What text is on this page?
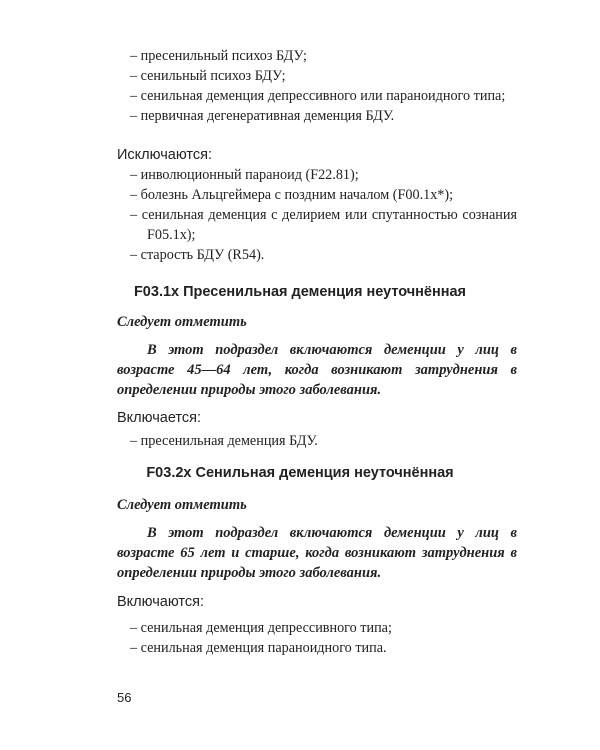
– пресенильный психоз БДУ;
– сенильный психоз БДУ;
– сенильная деменция депрессивного или параноидного типа;
– первичная дегенеративная деменция БДУ.
Исключаются:
– инволюционный параноид (F22.81);
– болезнь Альцгеймера с поздним началом (F00.1x*);
– сенильная деменция с делирием или спутанностью сознания F05.1x);
– старость БДУ (R54).
F03.1x Пресенильная деменция неуточнённая
Следует отметить

В этот подраздел включаются деменции у лиц в возрасте 45—64 лет, когда возникают затруднения в определении природы этого заболевания.

Включается:
– пресенильная деменция БДУ.
F03.2x Сенильная деменция неуточнённая
Следует отметить

В этот подраздел включаются деменции у лиц в возрасте 65 лет и старше, когда возникают затруднения в определении природы этого заболевания.

Включаются:
– сенильная деменция депрессивного типа;
– сенильная деменция параноидного типа.
56
